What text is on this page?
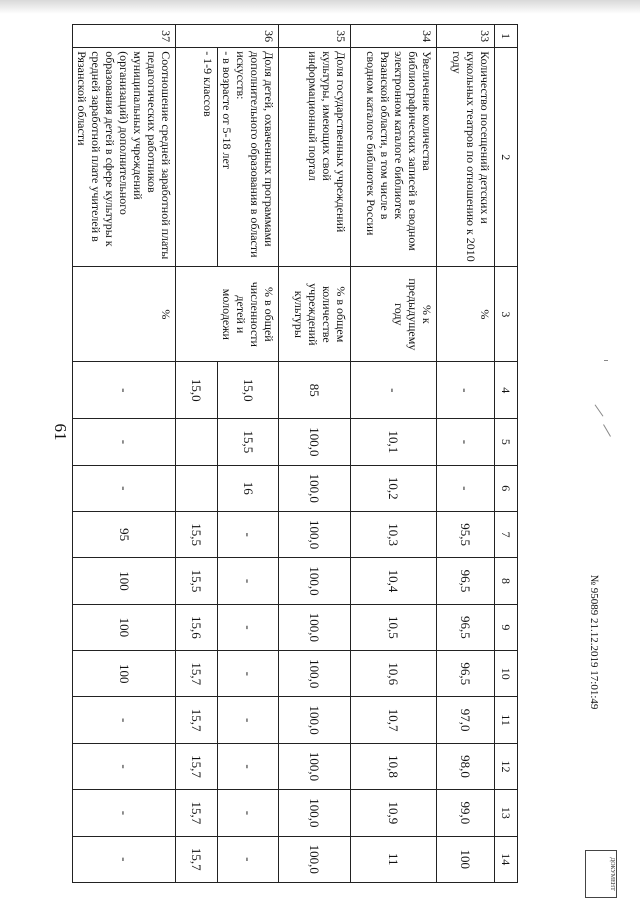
61
1	2	3	4	5	6	7	8	9	10	11	12	13	14
33	Количество посещений детских и кукольных театров по отношению к 2010 году	%	-	-	-	95,5	96,5	96,5	96,5	97,0	98,0	99,0	100
34	Увеличение количества библиографических записей в сводном электронном каталоге библиотек Рязанской области, в том числе в сводном каталоге библиотек России	% к предыдущему году	-	10,1	10,2	10,3	10,4	10,5	10,6	10,7	10,8	10,9	11
35	Доля государственных учреждений культуры, имеющих свой информационный портал	% в общем количестве учреждений культуры	85	100,0	100,0	100,0	100,0	100,0	100,0	100,0	100,0	100,0	100,0
36	Доля детей, охваченных программами дополнительного образования в области искусств:
- в возрасте от 5-18 лет	% в общей численности детей и молодежи	15,0	15,5	16	-	-	-	-	-	-	-	-
	- 1-9 классов		15,0			15,5	15,5	15,6	15,7	15,7	15,7	15,7	15,7
37	Соотношение средней заработной платы педагогических работников муниципальных учреждений (организаций) дополнительного образования детей в сфере культуры к средней заработной плате учителей в Рязанской области	%	-	-	-	95	100	100	100	-	-	-	-
№ 95089 21.12.2019 17:01:49
ДОКУМЕНТ
